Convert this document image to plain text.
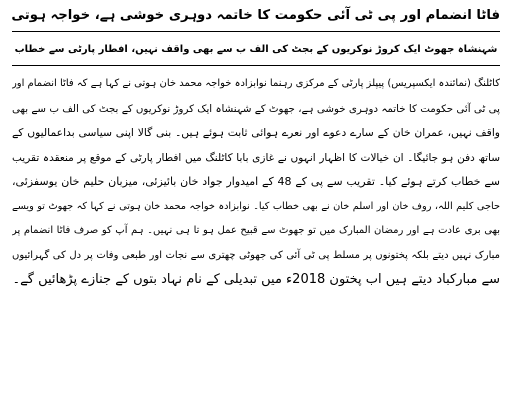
فاٹا انضمام اور پی ٹی آئی حکومت کا خاتمہ دوہری خوشی ہے، خواجہ ہوتی
شہنشاہ جھوٹ ایک کروڑ نوکریوں کے بجٹ کی الف ب سے بھی واقف نہیں، افطار پارٹی سے خطاب

کاٹلنگ (نمائندہ ایکسپریس) پیپلز پارٹی کے مرکزی رہنما نوابزادہ خواجہ محمد خان ہوتی نے کہا ہے کہ فاٹا انضمام اور

پی ٹی آئی حکومت کا خاتمہ دوہری خوشی ہے، جھوٹ کے شہنشاہ ایک کروڑ نوکریوں کے بجٹ کی الف ب سے بھی

واقف نہیں، عمران خان کے سارے دعوے اور نعرے ہوائی ثابت ہوئے ہیں۔ بنی گالا اپنی سیاسی بداعمالیوں کے

ساتھ دفن ہو جائیگا۔ ان خیالات کا اظہار انہوں نے غازی بابا کاٹلنگ میں افطار پارٹی کے موقع پر منعقدہ تقریب

سے خطاب کرتے ہوئے کیا۔ تقریب سے پی کے 48 کے امیدوار جواد خان بائیزئی، میزبان حلیم خان یوسفزئی،

حاجی کلیم اللہ، روف خان اور اسلم خان نے بھی خطاب کیا۔ نوابزادہ خواجہ محمد خان ہوتی نے کہا کہ جھوٹ تو ویسے

بھی بری عادت ہے اور رمضان المبارک میں تو جھوٹ سے قبیح عمل ہو تا ہی نہیں۔ ہم آپ کو صرف فاٹا انضمام پر

مبارک نہیں دیتے بلکہ پختونوں پر مسلط پی ٹی آئی کی جھوٹی چھتری سے نجات اور طبعی وفات پر دل کی گہرائیوں

سے مبارکباد دیتے ہیں اب پختون 2018ء میں تبدیلی کے نام نہاد بتوں کے جنازے پڑھائیں گے۔
